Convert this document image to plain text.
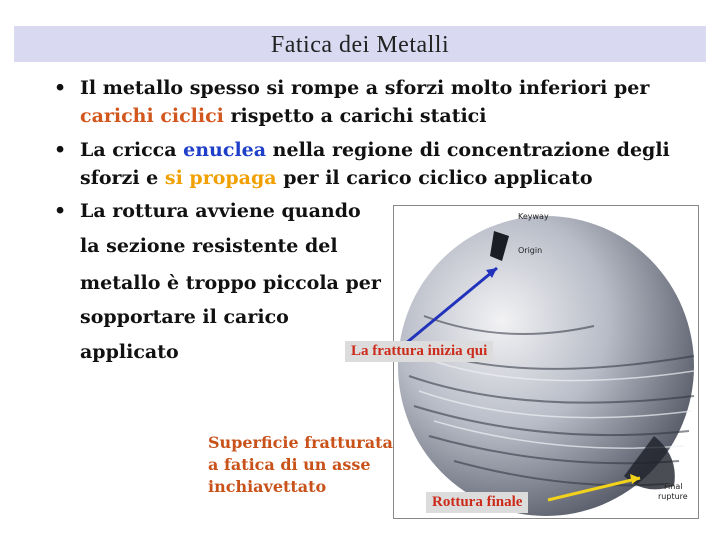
Fatica dei Metalli
• Il metallo spesso si rompe a sforzi molto inferiori per
carichi ciclici rispetto a carichi statici
• La cricca enuclea nella regione di concentrazione degli
sforzi e si propaga per il carico ciclico applicato
• La rottura avviene quando
la sezione resistente del
metallo è troppo piccola per
sopportare il carico
applicato
Keyway
Origin
Final
rupture
La frattura inizia qui
Rottura finale
Superficie fratturata a fatica di un asse inchiavettato
